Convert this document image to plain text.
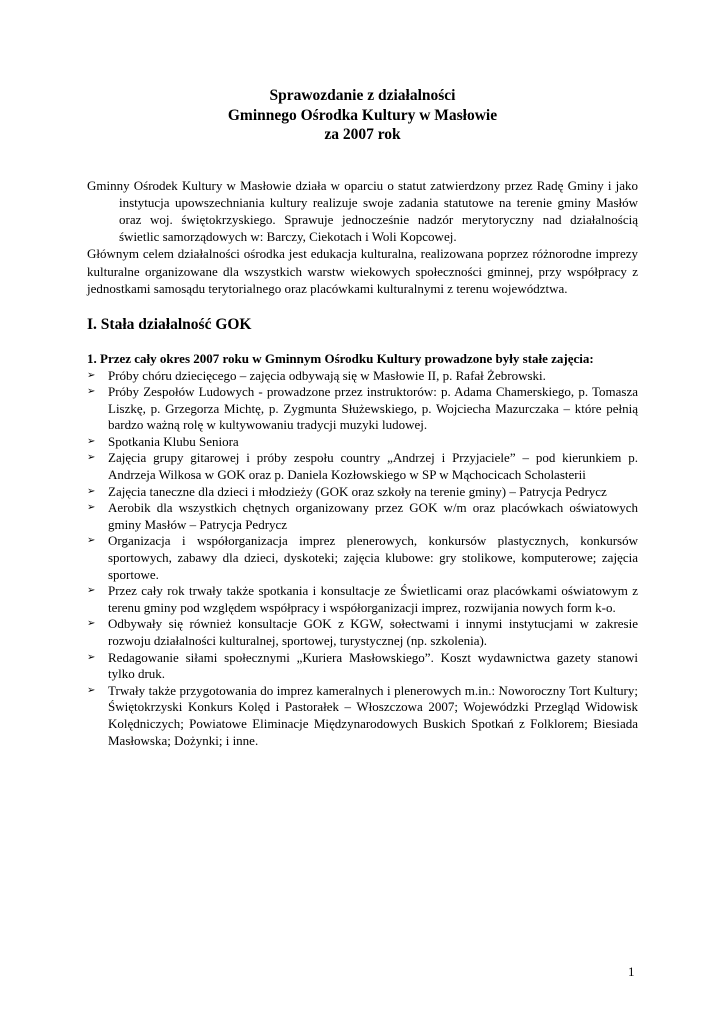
Sprawozdanie z działalności
Gminnego Ośrodka Kultury w Masłowie
za 2007 rok

Gminny Ośrodek Kultury w Masłowie działa w oparciu o statut zatwierdzony przez Radę Gminy i jako instytucja upowszechniania kultury realizuje swoje zadania statutowe na terenie gminy Masłów oraz woj. świętokrzyskiego. Sprawuje jednocześnie nadzór merytoryczny nad działalnością świetlic samorządowych w: Barczy, Ciekotach i Woli Kopcowej.

Głównym celem działalności ośrodka jest edukacja kulturalna, realizowana poprzez różnorodne imprezy kulturalne organizowane dla wszystkich warstw wiekowych społeczności gminnej, przy współpracy z jednostkami samosądu terytorialnego oraz placówkami kulturalnymi z terenu województwa.

I. Stała działalność GOK
1. Przez cały okres 2007 roku w Gminnym Ośrodku Kultury prowadzone były stałe zajęcia:
➢ Próby chóru dziecięcego – zajęcia odbywają się w Masłowie II, p. Rafał Żebrowski.
➢ Próby Zespołów Ludowych - prowadzone przez instruktorów: p. Adama Chamerskiego, p. Tomasza Liszkę, p. Grzegorza Michtę, p. Zygmunta Służewskiego, p. Wojciecha Mazurczaka – które pełnią bardzo ważną rolę w kultywowaniu tradycji muzyki ludowej.
➢ Spotkania Klubu Seniora
➢ Zajęcia grupy gitarowej i próby zespołu country „Andrzej i Przyjaciele” – pod kierunkiem p. Andrzeja Wilkosa w GOK oraz p. Daniela Kozłowskiego w SP w Mąchocicach Scholasterii
➢ Zajęcia taneczne dla dzieci i młodzieży (GOK oraz szkoły na terenie gminy) – Patrycja Pedrycz
➢ Aerobik dla wszystkich chętnych organizowany przez GOK w/m oraz placówkach oświatowych gminy Masłów – Patrycja Pedrycz
➢ Organizacja i współorganizacja imprez plenerowych, konkursów plastycznych, konkursów sportowych, zabawy dla dzieci, dyskoteki; zajęcia klubowe: gry stolikowe, komputerowe; zajęcia sportowe.
➢ Przez cały rok trwały także spotkania i konsultacje ze Świetlicami oraz placówkami oświatowym z terenu gminy pod względem współpracy i współorganizacji imprez, rozwijania nowych form k-o.
➢ Odbywały się również konsultacje GOK z KGW, sołectwami i innymi instytucjami w zakresie rozwoju działalności kulturalnej, sportowej, turystycznej (np. szkolenia).
➢ Redagowanie siłami społecznymi „Kuriera Masłowskiego”. Koszt wydawnictwa gazety stanowi tylko druk.
➢ Trwały także przygotowania do imprez kameralnych i plenerowych m.in.: Noworoczny Tort Kultury; Świętokrzyski Konkurs Kolęd i Pastorałek – Włoszczowa 2007; Wojewódzki Przegląd Widowisk Kolędniczych; Powiatowe Eliminacje Międzynarodowych Buskich Spotkań z Folklorem; Biesiada Masłowska; Dożynki; i inne.
1
